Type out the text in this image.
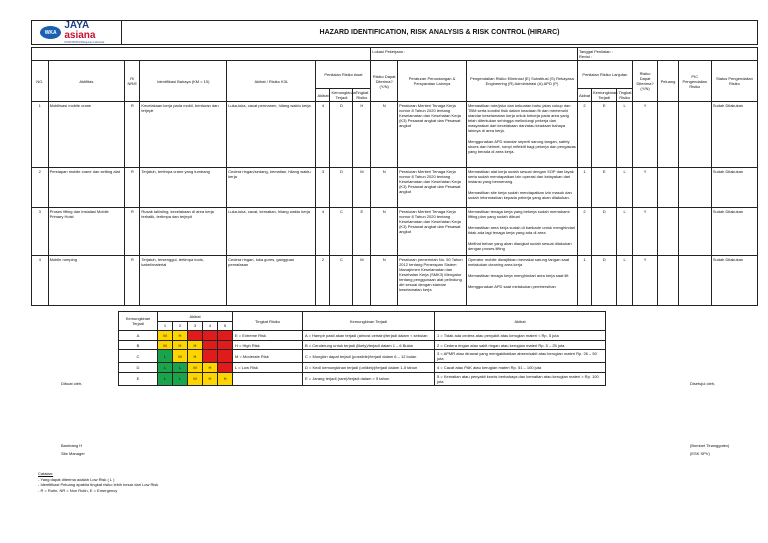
WKA
JAYA asiana
KONSTRUKSI Bangunan Indonesia
HAZARD IDENTIFICATION, RISK ANALYSIS & RISK CONTROL (HIRARC)
								Lokasi Pekerjaan :			Tanggal Penilaian :
Revisi :						
NO.	Aktifitas	R/ NR/E	Identifikasi Bahaya (KM = 10)	Akibat / Risiko K3L	Penilaian Risiko Awal			Risiko Dapat Diterima? (Y/N)	Peraturan Perundangan & Persyaratan Lainnya	Pengendalian Risiko Eliminasi (E) Substitusi (S) Rekayasa Engineering (R) Administrasi (A) APD (P)	Penilaian Risiko Lanjutan			Risiko Dapat Diterima? (Y/N)	Peluang	PIC Pengendalian Risiko	Status Pengendalian Risiko
					Akibat	Kemungkinan Terjadi	Tingkat Risiko				Akibat	Kemungkinan Terjadi	Tingkat Risiko				
1	Mobilisasi mobile crane	R	Kecelakaan kerja pada mobil, benturan dan terjepit	Luka-luka, cacat permanen, hilang waktu kerja	4	D	H	N	Peraturan Menteri Tenaga Kerja nomor 8 Tahun 2020 tentang Keselamatan dan Kesehatan Kerja (K3) Pesawat angkat dan Pesawat angkut	Memastikan rute/jalur dan kekuatan bahu jalan cukup dan TBM serta kondisi fisik dalam keadaan fit dan memenuhi standar keselamatan kerja untuk bekerja pada area yang telah ditentukan sehingga melindungi pekerja dan masyarakat dari kecelakaan dan/atau keadaan bahaya lainnya di area kerja.
Menggunakan APD standar seperti sarung tangan, safety shoes dan helmet, rompi reflektif bagi pekerja dan pengawas yang berada di area kerja.	2	E	L	Y			Sudah Dilakukan
2	Persiapan mobile crane dan setting alat	R	Terjatuh, tertimpa crane yang tumbang	Cedera ringan/sedang, kematian, hilang waktu kerja	3	D	M	N	Peraturan Menteri Tenaga Kerja nomor 8 Tahun 2020 tentang Keselamatan dan Kesehatan Kerja (K3) Pesawat angkat dan Pesawat angkut	Memastikan alat kerja sudah sesuai dengan SOP dan layak serta sudah mendapatkan izin operasi dan kelayakan dari instansi yang berwenang.
Memastikan site kerja sudah mendapatkan izin masuk dan sudah informasikan kepada pekerja yang akan dilakukan.	1	E	L	Y			Sudah Dilakukan
3	Proses lifting dan instalasi Mobile Primary Hoist	R	Rusak tali/sling, kecelakaan di area kerja terbalik, tertimpa dan terjepit	Luka-luka, cacat, kematian, hilang waktu kerja	4	C	E	N	Peraturan Menteri Tenaga Kerja nomor 8 Tahun 2020 tentang Keselamatan dan Kesehatan Kerja (K3) Pesawat angkat dan Pesawat angkut	Memastikan tenaga kerja yang bekerja sudah memahami lifting plan yang sudah dibuat
Memastikan area kerja sudah di barikade untuk menghindari tidak ada lagi tenaga kerja yang ada di area
Melihat beban yang akan diangkat sudah sesuai dilakukan dengan proses lifting	2	D	L	Y			Sudah Dilakukan
4	Mobile rumping	R	Terjatuh, tersenggol, tertimpa tools, kabel/material	Cedera ringan, luka gores, gangguan pernafasan	2	C	M	N	Peraturan pemerintah No. 50 Tahun 2012 tentang Penerapan Sistem Manajemen Keselamatan dan Kesehatan Kerja (SMK3) Mengatur tentang penggunaan alat pelindung diri sesuai dengan standar keselamatan kerja	Operator mobile diwajibkan memakai sarung tangan saat melakukan cleaning area kerja
Memastikan tenaga kerja menghindari area kerja saat lift
Menggunakan APD saat melakukan pembersihan	1	D	L	Y			Sudah Dilakukan
Kemungkinan Terjadi	Akibat					Tingkat Risiko	Kemungkinan Terjadi	Akibat
	1	2	3	4	5			
A	M	H	E	E	E	E = Extreme Risk	A = Hampir pasti akan terjadi (almost certain)/terjadi dalam < sebulan	1 = Tidak ada cedera atau penyakit atau kerugian materi < Rp. 5 juta
B	M	H	H	E	E	H = High Risk	B = Cenderung untuk terjadi (likely)/terjadi dalam 1 – 6 Bulan	2 = Cedera ringan atau sakit ringan atau kerugian materi Rp. 5 – 25 juta
C	L	M	H	E	E	M = Moderate Risk	C = Mungkin dapat terjadi (possible)/terjadi dalam 6 – 12 bulan	3 = APMR atau dirawat yang mengakibatkan absen/sakit atau kerugian materi Rp. 26 – 50 juta
D	L	L	M	H	E	L = Low Risk	D = Kecil kemungkinan terjadi (unlikely)/terjadi dalam 1-5 tahun	4 = Cacat atau PAK atau kerugian materi Rp. 51 – 100 juta
E	L	L	M	H	H		E = Jarang terjadi (rare)/terjadi dalam > 5 tahun	5 = Kematian atau penyakit kronis berbahaya dan kematian atau kerugian materi > Rp. 100 juta
Dibuat oleh,	Disetujui oleh,
Bambang H
Site Manager
(Bomiart Tinanggotex)
(ESK SPV)
Catatan:
- Yang dapat diterima adalah Low Risk ( L )
- Identifikasi Peluang apabila tingkat risiko lebih besar dari Low Risk
- R = Rutin, NR = Non Rutin, E = Emergency
